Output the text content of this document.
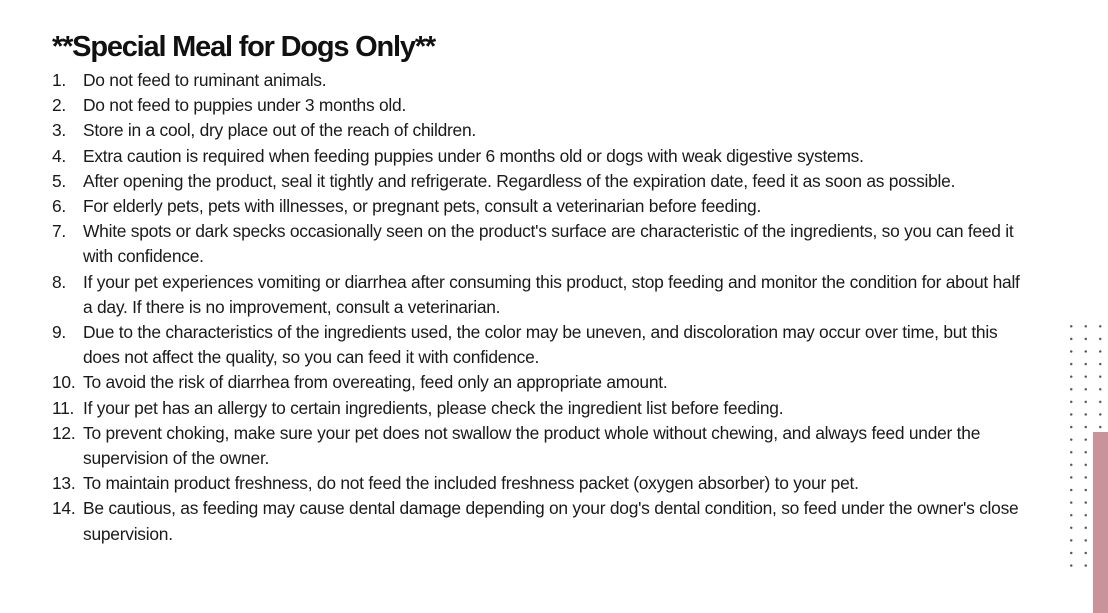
**Special Meal for Dogs Only**
1. Do not feed to ruminant animals.
2. Do not feed to puppies under 3 months old.
3. Store in a cool, dry place out of the reach of children.
4. Extra caution is required when feeding puppies under 6 months old or dogs with weak digestive systems.
5. After opening the product, seal it tightly and refrigerate. Regardless of the expiration date, feed it as soon as possible.
6. For elderly pets, pets with illnesses, or pregnant pets, consult a veterinarian before feeding.
7. White spots or dark specks occasionally seen on the product's surface are characteristic of the ingredients, so you can feed it with confidence.
8. If your pet experiences vomiting or diarrhea after consuming this product, stop feeding and monitor the condition for about half a day. If there is no improvement, consult a veterinarian.
9. Due to the characteristics of the ingredients used, the color may be uneven, and discoloration may occur over time, but this does not affect the quality, so you can feed it with confidence.
10. To avoid the risk of diarrhea from overeating, feed only an appropriate amount.
11. If your pet has an allergy to certain ingredients, please check the ingredient list before feeding.
12. To prevent choking, make sure your pet does not swallow the product whole without chewing, and always feed under the supervision of the owner.
13. To maintain product freshness, do not feed the included freshness packet (oxygen absorber) to your pet.
14. Be cautious, as feeding may cause dental damage depending on your dog's dental condition, so feed under the owner's close supervision.
